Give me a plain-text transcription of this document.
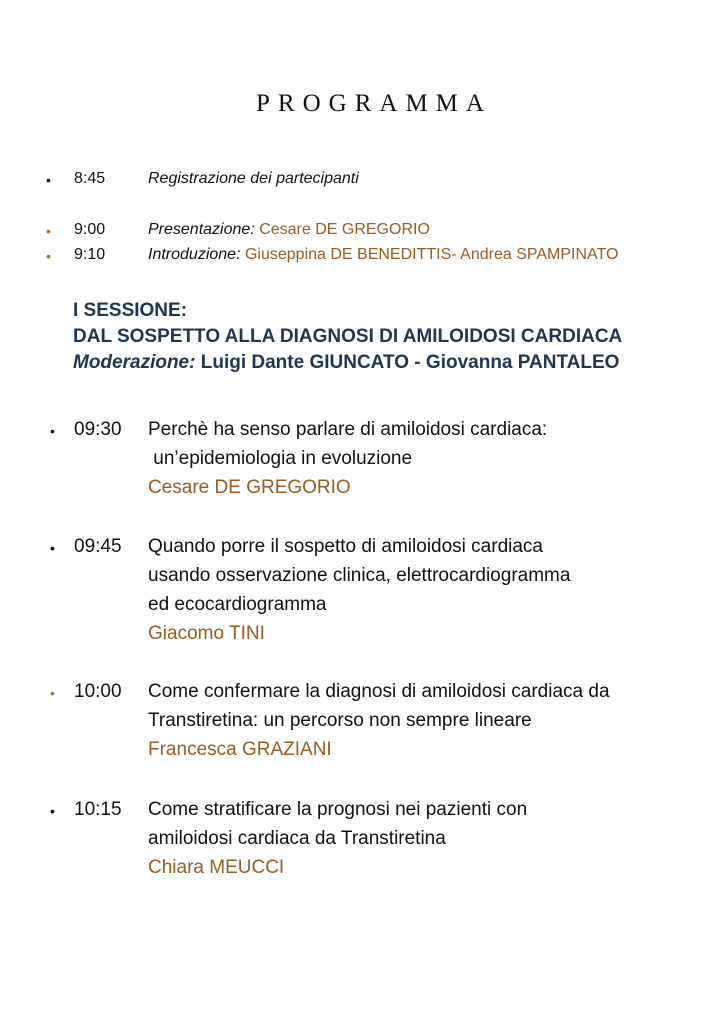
PROGRAMMA
• 8:45	Registrazione dei partecipanti
• 9:00	Presentazione: Cesare DE GREGORIO
• 9:10	Introduzione: Giuseppina DE BENEDITTIS- Andrea SPAMPINATO
I SESSIONE:
DAL SOSPETTO ALLA DIAGNOSI DI AMILOIDOSI CARDIACA
Moderazione: Luigi Dante GIUNCATO - Giovanna PANTALEO
• 09:30 Perchè ha senso parlare di amiloidosi cardiaca:
un’epidemiologia in evoluzione
Cesare DE GREGORIO
• 09:45 Quando porre il sospetto di amiloidosi cardiaca
usando osservazione clinica, elettrocardiogramma
ed ecocardiogramma
Giacomo TINI
• 10:00 Come confermare la diagnosi di amiloidosi cardiaca da
Transtiretina: un percorso non sempre lineare
Francesca GRAZIANI
• 10:15 Come stratificare la prognosi nei pazienti con
amiloidosi cardiaca da Transtiretina
Chiara MEUCCI
